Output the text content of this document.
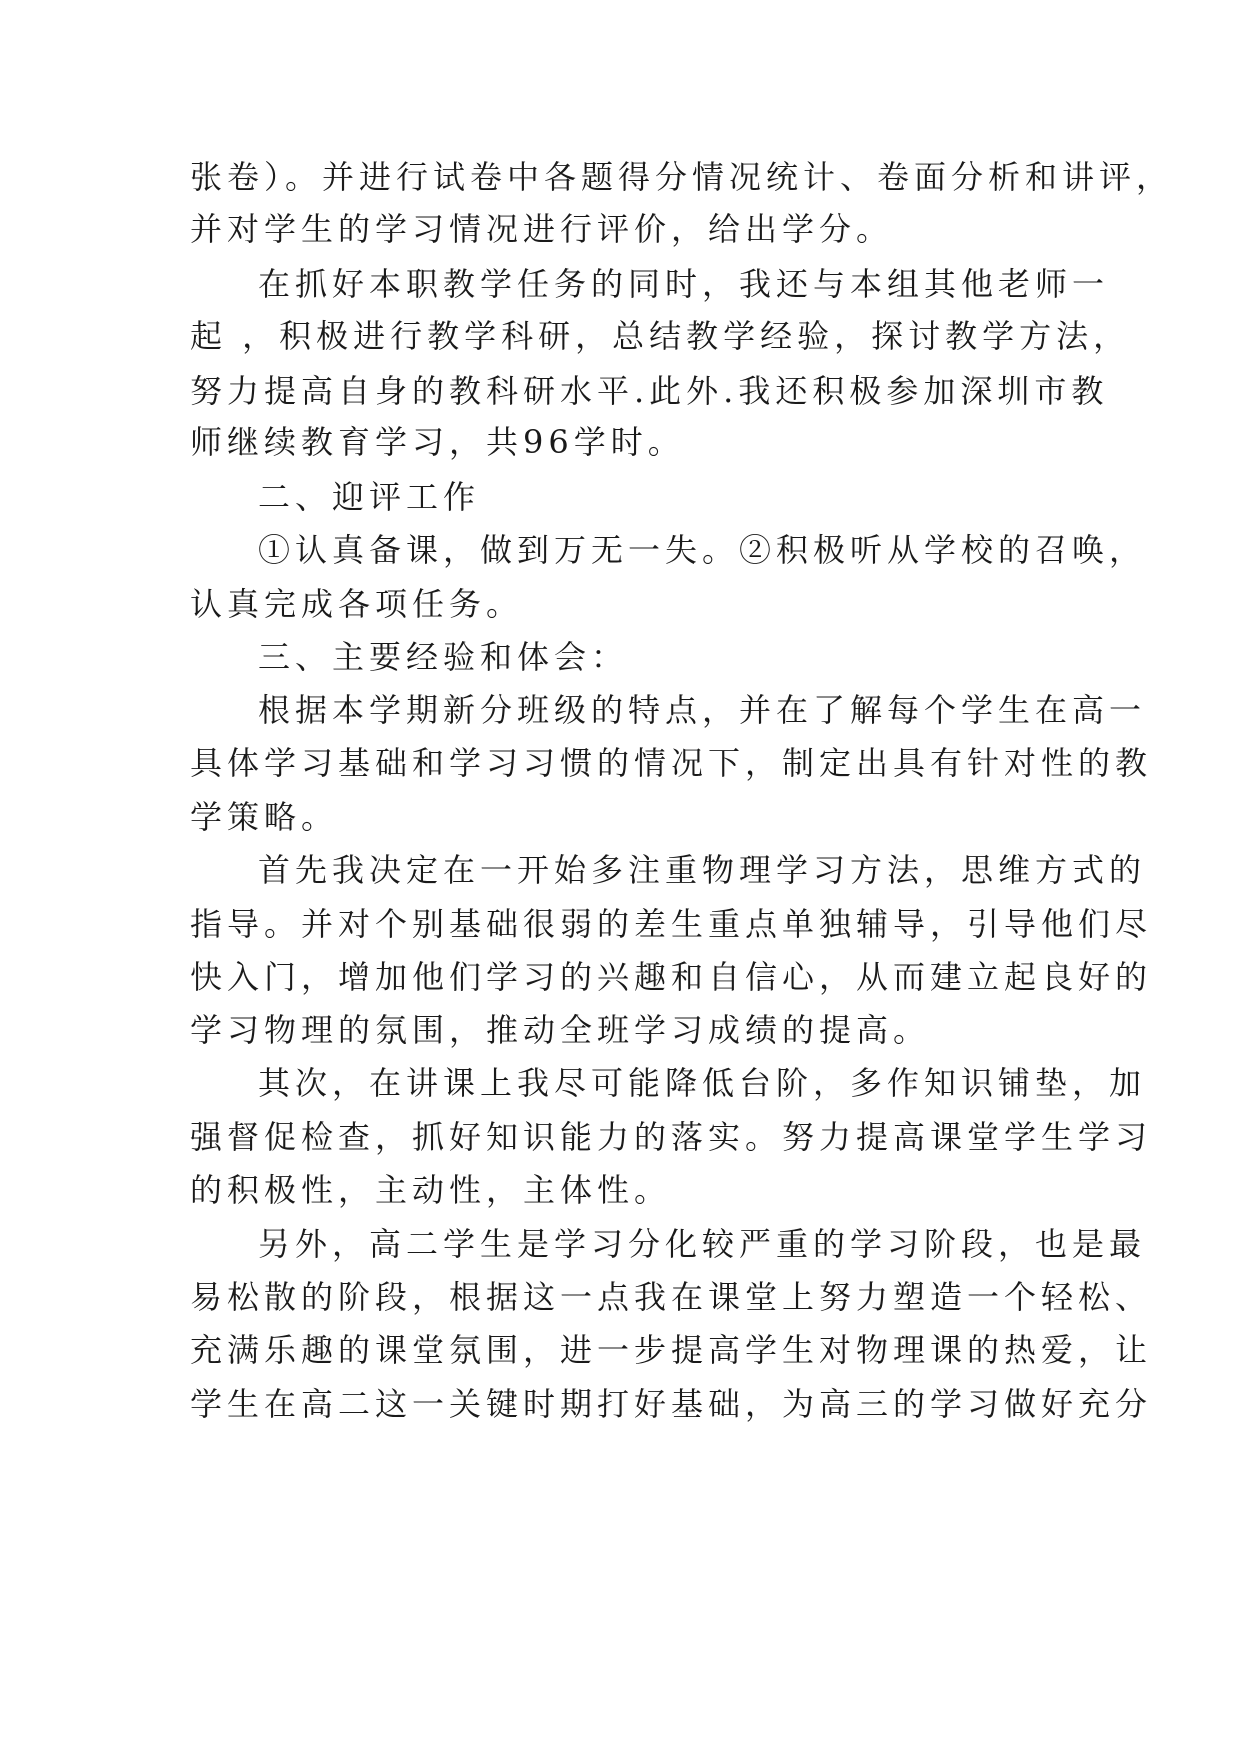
张卷）。并进行试卷中各题得分情况统计、卷面分析和讲评，
并对学生的学习情况进行评价，给出学分。
在抓好本职教学任务的同时，我还与本组其他老师一
起 ，积极进行教学科研，总结教学经验，探讨教学方法，
努力提高自身的教科研水平.此外.我还积极参加深圳市教
师继续教育学习，共96学时。
二、迎评工作
①认真备课，做到万无一失。②积极听从学校的召唤，
认真完成各项任务。
三、主要经验和体会：
根据本学期新分班级的特点，并在了解每个学生在高一
具体学习基础和学习习惯的情况下，制定出具有针对性的教
学策略。
首先我决定在一开始多注重物理学习方法，思维方式的
指导。并对个别基础很弱的差生重点单独辅导，引导他们尽
快入门，增加他们学习的兴趣和自信心，从而建立起良好的
学习物理的氛围，推动全班学习成绩的提高。
其次，在讲课上我尽可能降低台阶，多作知识铺垫，加
强督促检查，抓好知识能力的落实。努力提高课堂学生学习
的积极性，主动性，主体性。
另外，高二学生是学习分化较严重的学习阶段，也是最
易松散的阶段，根据这一点我在课堂上努力塑造一个轻松、
充满乐趣的课堂氛围，进一步提高学生对物理课的热爱，让
学生在高二这一关键时期打好基础，为高三的学习做好充分
